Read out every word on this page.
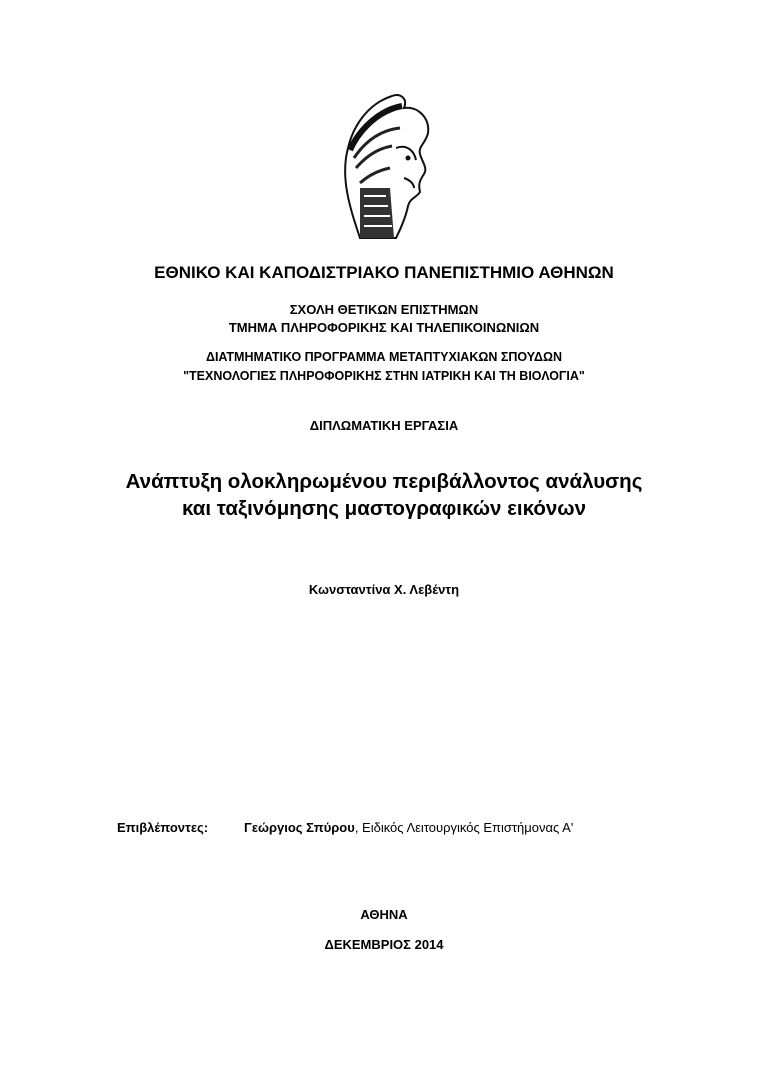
ΕΘΝΙΚΟ ΚΑΙ ΚΑΠΟΔΙΣΤΡΙΑΚΟ ΠΑΝΕΠΙΣΤΗΜΙΟ ΑΘΗΝΩΝ
ΣΧΟΛΗ ΘΕΤΙΚΩΝ ΕΠΙΣΤΗΜΩΝ
ΤΜΗΜΑ ΠΛΗΡΟΦΟΡΙΚΗΣ ΚΑΙ ΤΗΛΕΠΙΚΟΙΝΩΝΙΩΝ
ΔΙΑΤΜΗΜΑΤΙΚΟ ΠΡΟΓΡΑΜΜΑ ΜΕΤΑΠΤΥΧΙΑΚΩΝ ΣΠΟΥΔΩΝ
"ΤΕΧΝΟΛΟΓΙΕΣ ΠΛΗΡΟΦΟΡΙΚΗΣ ΣΤΗΝ ΙΑΤΡΙΚΗ ΚΑΙ ΤΗ ΒΙΟΛΟΓΙΑ"
ΔΙΠΛΩΜΑΤΙΚΗ ΕΡΓΑΣΙΑ
Ανάπτυξη ολοκληρωμένου περιβάλλοντος ανάλυσης
και ταξινόμησης μαστογραφικών εικόνων
Κωνσταντίνα Χ. Λεβέντη
Επιβλέποντες:	Γεώργιος Σπύρου, Ειδικός Λειτουργικός Επιστήμονας Α'
ΑΘΗΝΑ
ΔΕΚΕΜΒΡΙΟΣ 2014
